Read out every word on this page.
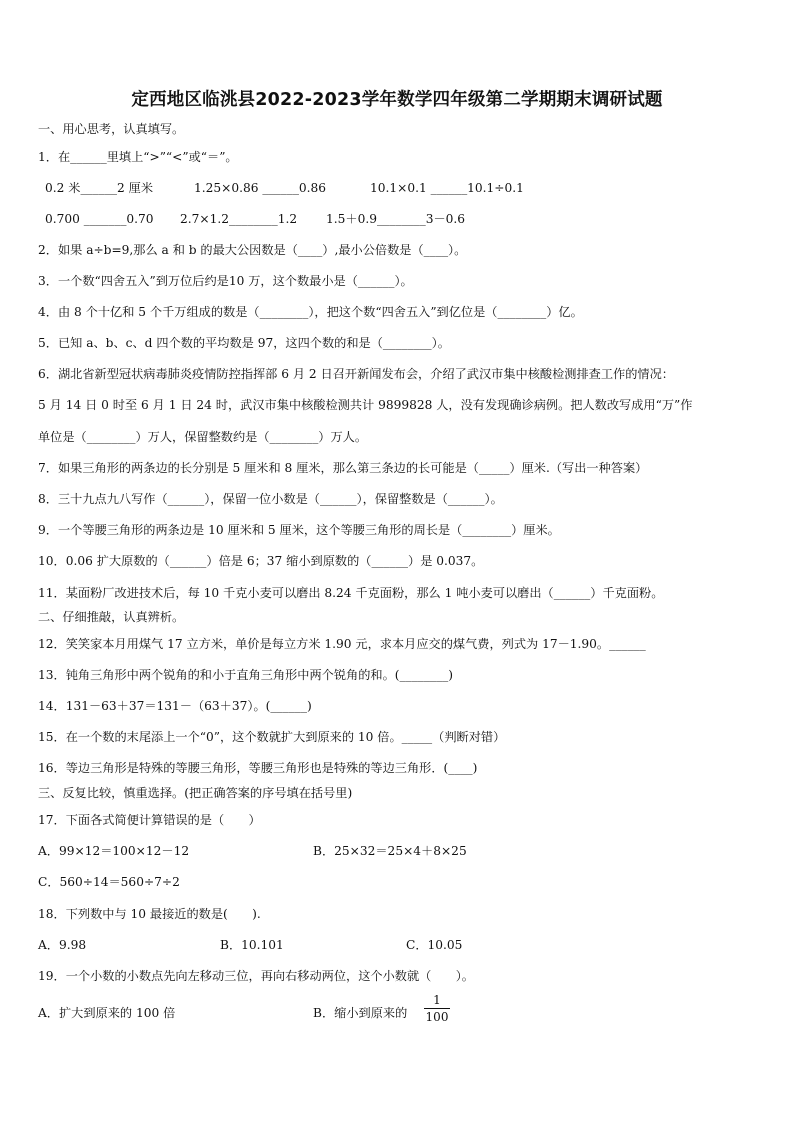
定西地区临洮县2022-2023学年数学四年级第二学期期末调研试题
一、用心思考，认真填写。
1．在______里填上“>”“<”或“＝”。
0.2 米______2 厘米	1.25×0.86 ______0.86	10.1×0.1 ______10.1÷0.1
0.700 _______0.70 2.7×1.2________1.2 1.5＋0.9________3－0.6
2．如果 a÷b=9,那么 a 和 b 的最大公因数是（____）,最小公倍数是（____）。
3．一个数“四舍五入”到万位后约是10 万，这个数最小是（______）。
4．由 8 个十亿和 5 个千万组成的数是（________），把这个数“四舍五入”到亿位是（________）亿。
5．已知 a、b、c、d 四个数的平均数是 97，这四个数的和是（________）。
6．湖北省新型冠状病毒肺炎疫情防控指挥部 6 月 2 日召开新闻发布会，介绍了武汉市集中核酸检测排查工作的情况：
5 月 14 日 0 时至 6 月 1 日 24 时，武汉市集中核酸检测共计 9899828 人，没有发现确诊病例。把人数改写成用“万”作
单位是（________）万人，保留整数约是（________）万人。
7．如果三角形的两条边的长分别是 5 厘米和 8 厘米，那么第三条边的长可能是（_____）厘米.（写出一种答案）
8．三十九点九八写作（______），保留一位小数是（______），保留整数是（______）。
9．一个等腰三角形的两条边是 10 厘米和 5 厘米，这个等腰三角形的周长是（________）厘米。
10．0.06 扩大原数的（______）倍是 6；37 缩小到原数的（______）是 0.037。
11．某面粉厂改进技术后，每 10 千克小麦可以磨出 8.24 千克面粉，那么 1 吨小麦可以磨出（______）千克面粉。
二、仔细推敲，认真辨析。
12．笑笑家本月用煤气 17 立方米，单价是每立方米 1.90 元，求本月应交的煤气费，列式为 17－1.90。______
13．钝角三角形中两个锐角的和小于直角三角形中两个锐角的和。(________)
14．131－63＋37＝131－（63＋37）。(______)
15．在一个数的末尾添上一个“0”，这个数就扩大到原来的 10 倍。_____（判断对错）
16．等边三角形是特殊的等腰三角形，等腰三角形也是特殊的等边三角形．(____)
三、反复比较，慎重选择。(把正确答案的序号填在括号里)
17．下面各式简便计算错误的是（　　）
A．99×12＝100×12－12	B．25×32＝25×4＋8×25
C．560÷14＝560÷7÷2
18．下列数中与 10 最接近的数是(　　).
A．9.98	B．10.101	C．10.05
19．一个小数的小数点先向左移动三位，再向右移动两位，这个小数就（　　）。
A．扩大到原来的 100 倍	B．缩小到原来的
1
100
